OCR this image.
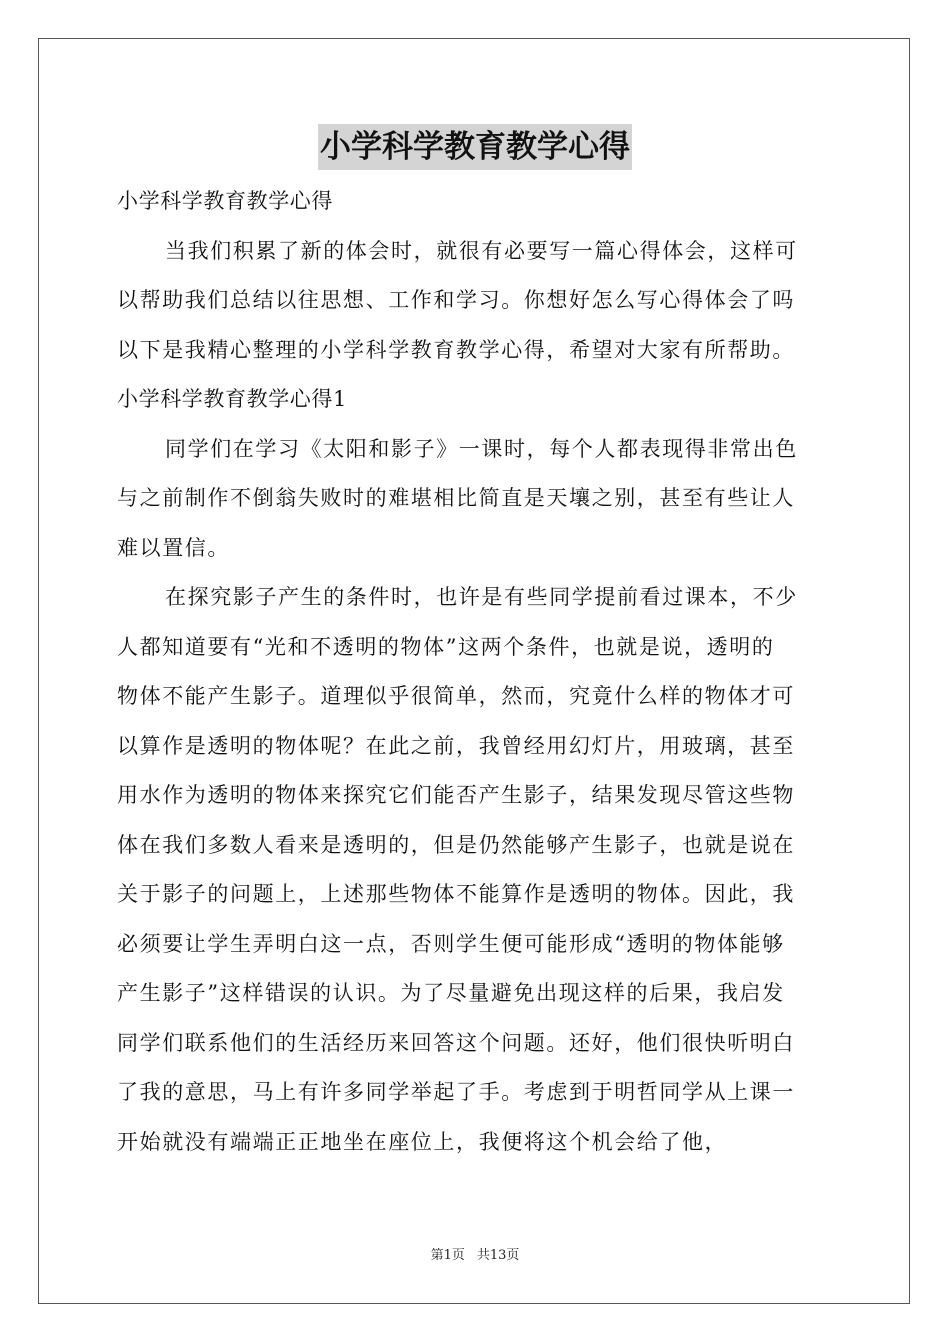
小学科学教育教学心得
小学科学教育教学心得
当我们积累了新的体会时，就很有必要写一篇心得体会，这样可
以帮助我们总结以往思想、工作和学习。你想好怎么写心得体会了吗
以下是我精心整理的小学科学教育教学心得，希望对大家有所帮助。
小学科学教育教学心得1
同学们在学习《太阳和影子》一课时，每个人都表现得非常出色
与之前制作不倒翁失败时的难堪相比简直是天壤之别，甚至有些让人
难以置信。
在探究影子产生的条件时，也许是有些同学提前看过课本，不少
人都知道要有“光和不透明的物体”这两个条件，也就是说，透明的
物体不能产生影子。道理似乎很简单，然而，究竟什么样的物体才可
以算作是透明的物体呢？在此之前，我曾经用幻灯片，用玻璃，甚至
用水作为透明的物体来探究它们能否产生影子，结果发现尽管这些物
体在我们多数人看来是透明的，但是仍然能够产生影子，也就是说在
关于影子的问题上，上述那些物体不能算作是透明的物体。因此，我
必须要让学生弄明白这一点，否则学生便可能形成“透明的物体能够
产生影子”这样错误的认识。为了尽量避免出现这样的后果，我启发
同学们联系他们的生活经历来回答这个问题。还好，他们很快听明白
了我的意思，马上有许多同学举起了手。考虑到于明哲同学从上课一
开始就没有端端正正地坐在座位上，我便将这个机会给了他，
第1页 共13页
